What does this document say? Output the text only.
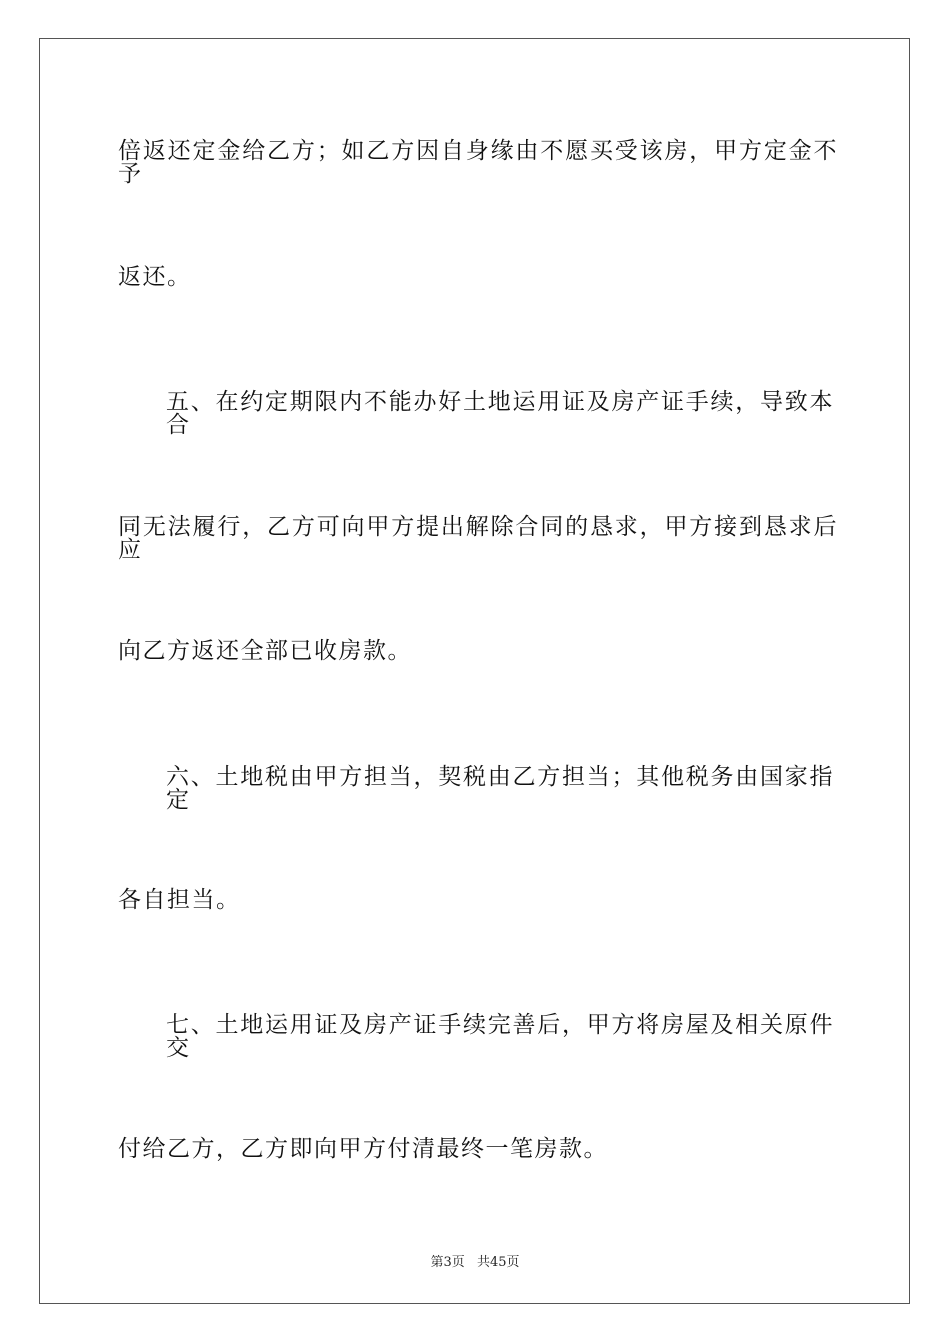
倍返还定金给乙方；如乙方因自身缘由不愿买受该房，甲方定金不予
返还。
五、在约定期限内不能办好土地运用证及房产证手续，导致本合
同无法履行，乙方可向甲方提出解除合同的恳求，甲方接到恳求后应
向乙方返还全部已收房款。
六、土地税由甲方担当，契税由乙方担当；其他税务由国家指定
各自担当。
七、土地运用证及房产证手续完善后，甲方将房屋及相关原件交
付给乙方，乙方即向甲方付清最终一笔房款。
第3页 共45页
